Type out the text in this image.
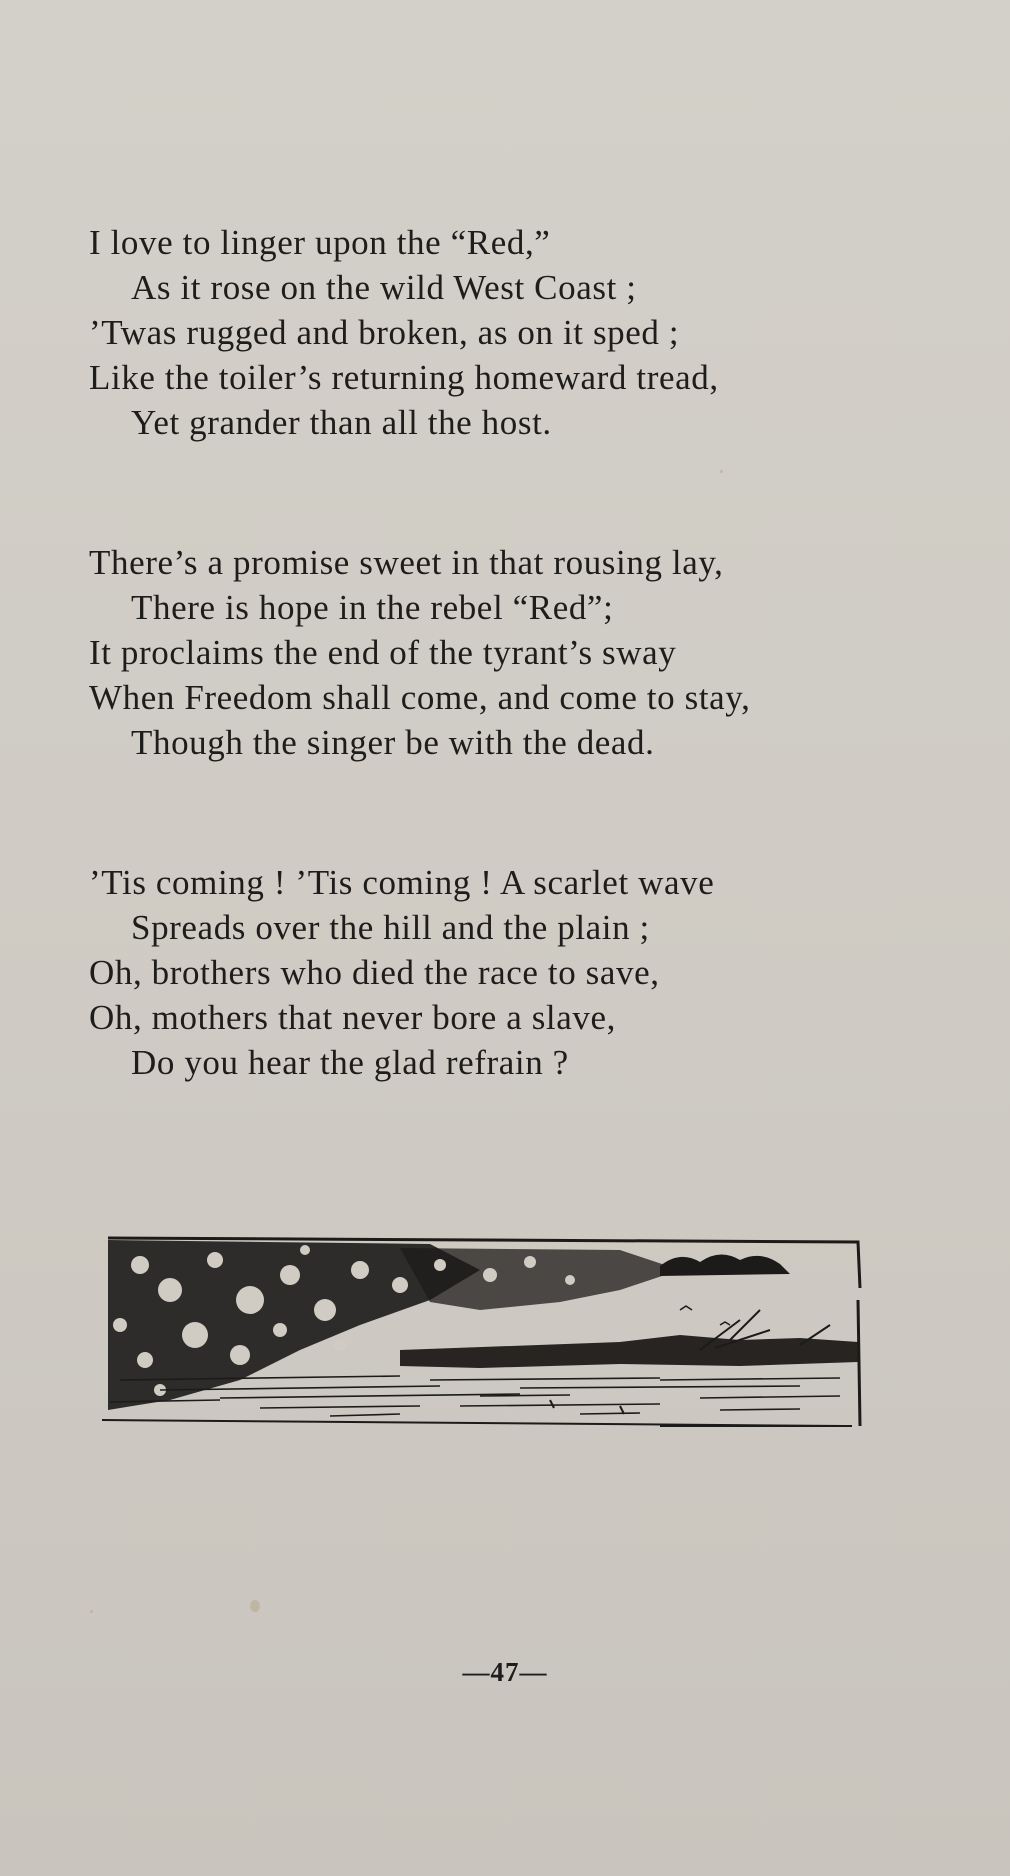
I love to linger upon the “Red,”
As it rose on the wild West Coast ;
’Twas rugged and broken, as on it sped ;
Like the toiler’s returning homeward tread,
Yet grander than all the host.
There’s a promise sweet in that rousing lay,
There is hope in the rebel “Red”;
It proclaims the end of the tyrant’s sway
When Freedom shall come, and come to stay,
Though the singer be with the dead.
’Tis coming ! ’Tis coming ! A scarlet wave
Spreads over the hill and the plain ;
Oh, brothers who died the race to save,
Oh, mothers that never bore a slave,
Do you hear the glad refrain ?
—47—
